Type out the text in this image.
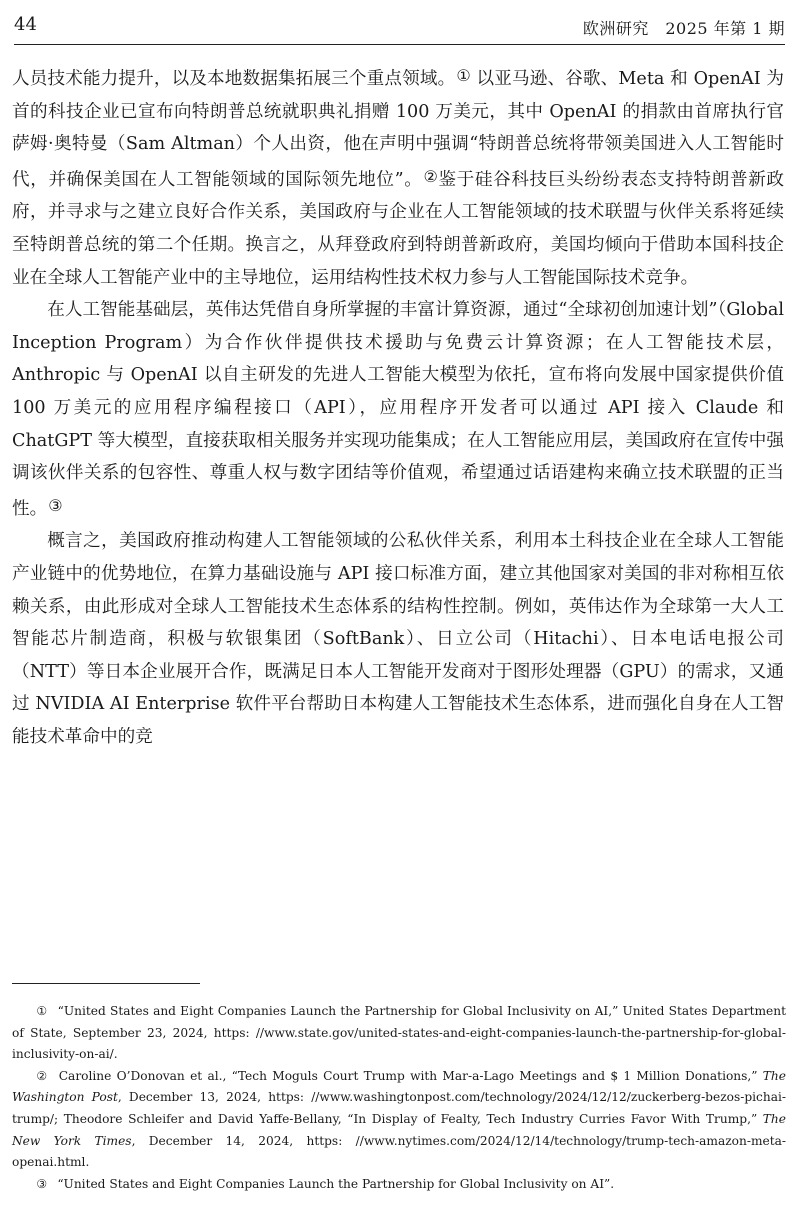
44	欧洲研究　2025 年第 1 期

人员技术能力提升，以及本地数据集拓展三个重点领域。① 以亚马逊、谷歌、Meta 和 OpenAI 为首的科技企业已宣布向特朗普总统就职典礼捐赠 100 万美元，其中 OpenAI 的捐款由首席执行官萨姆·奥特曼（Sam Altman）个人出资，他在声明中强调“特朗普总统将带领美国进入人工智能时代，并确保美国在人工智能领域的国际领先地位”。②鉴于硅谷科技巨头纷纷表态支持特朗普新政府，并寻求与之建立良好合作关系，美国政府与企业在人工智能领域的技术联盟与伙伴关系将延续至特朗普总统的第二个任期。换言之，从拜登政府到特朗普新政府，美国均倾向于借助本国科技企业在全球人工智能产业中的主导地位，运用结构性技术权力参与人工智能国际技术竞争。

在人工智能基础层，英伟达凭借自身所掌握的丰富计算资源，通过“全球初创加速计划”（Global Inception Program）为合作伙伴提供技术援助与免费云计算资源；在人工智能技术层，Anthropic 与 OpenAI 以自主研发的先进人工智能大模型为依托，宣布将向发展中国家提供价值 100 万美元的应用程序编程接口（API），应用程序开发者可以通过 API 接入 Claude 和 ChatGPT 等大模型，直接获取相关服务并实现功能集成；在人工智能应用层，美国政府在宣传中强调该伙伴关系的包容性、尊重人权与数字团结等价值观，希望通过话语建构来确立技术联盟的正当性。③

概言之，美国政府推动构建人工智能领域的公私伙伴关系，利用本土科技企业在全球人工智能产业链中的优势地位，在算力基础设施与 API 接口标准方面，建立其他国家对美国的非对称相互依赖关系，由此形成对全球人工智能技术生态体系的结构性控制。例如，英伟达作为全球第一大人工智能芯片制造商，积极与软银集团（SoftBank）、日立公司（Hitachi）、日本电话电报公司（NTT）等日本企业展开合作，既满足日本人工智能开发商对于图形处理器（GPU）的需求，又通过 NVIDIA AI Enterprise 软件平台帮助日本构建人工智能技术生态体系，进而强化自身在人工智能技术革命中的竞

① “United States and Eight Companies Launch the Partnership for Global Inclusivity on AI,” United States Department of State, September 23, 2024, https: //www.state.gov/united-states-and-eight-companies-launch-the-partnership-for-global-inclusivity-on-ai/.

② Caroline O’Donovan et al., “Tech Moguls Court Trump with Mar-a-Lago Meetings and $ 1 Million Donations,” The Washington Post, December 13, 2024, https: //www.washingtonpost.com/technology/2024/12/12/zuckerberg-bezos-pichai-trump/; Theodore Schleifer and David Yaffe-Bellany, “In Display of Fealty, Tech Industry Curries Favor With Trump,” The New York Times, December 14, 2024, https: //www.nytimes.com/2024/12/14/technology/trump-tech-amazon-meta-openai.html.

③ “United States and Eight Companies Launch the Partnership for Global Inclusivity on AI”.
